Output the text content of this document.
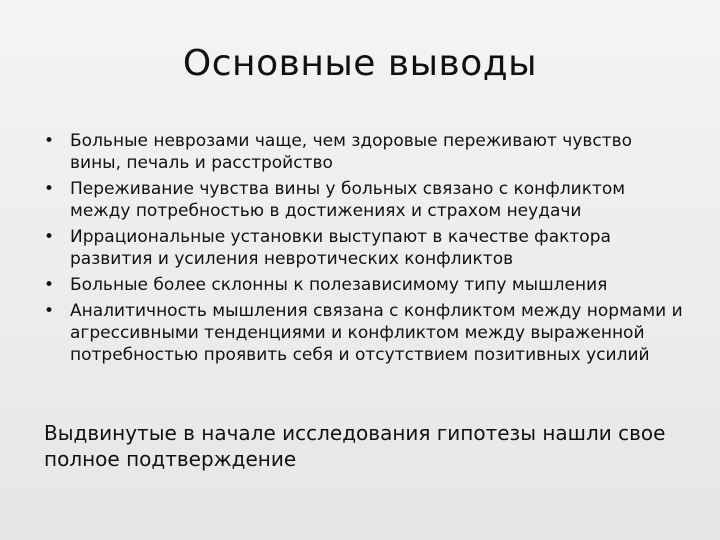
Основные выводы
• Больные неврозами чаще, чем здоровые переживают чувство вины, печаль и расстройство
• Переживание чувства вины у больных связано с конфликтом между потребностью в достижениях и страхом неудачи
• Иррациональные установки выступают в качестве фактора развития и усиления невротических конфликтов
• Больные более склонны к полезависимому типу мышления
• Аналитичность мышления связана с конфликтом между нормами и агрессивными тенденциями и конфликтом между выраженной потребностью проявить себя и отсутствием позитивных усилий

Выдвинутые в начале исследования гипотезы нашли свое полное подтверждение
